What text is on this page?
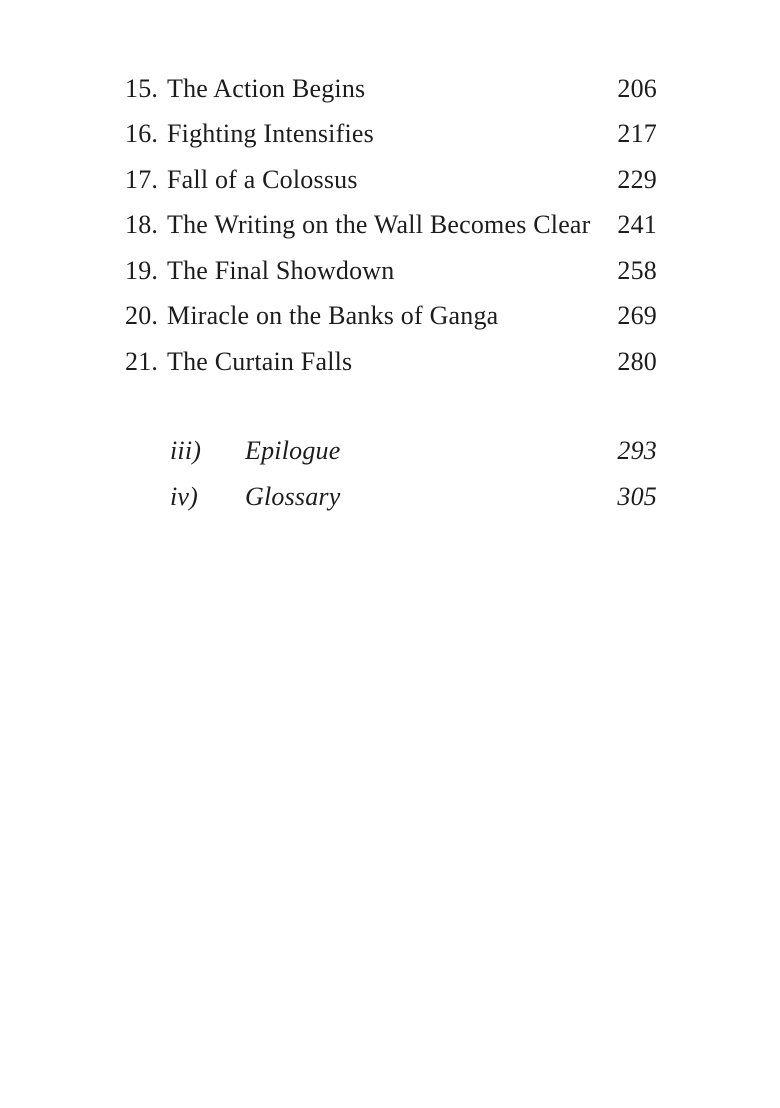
15. The Action Begins	206
16. Fighting Intensifies	217
17. Fall of a Colossus	229
18. The Writing on the Wall Becomes Clear	241
19. The Final Showdown	258
20. Miracle on the Banks of Ganga	269
21. The Curtain Falls	280
iii)	Epilogue	293
iv)	Glossary	305
